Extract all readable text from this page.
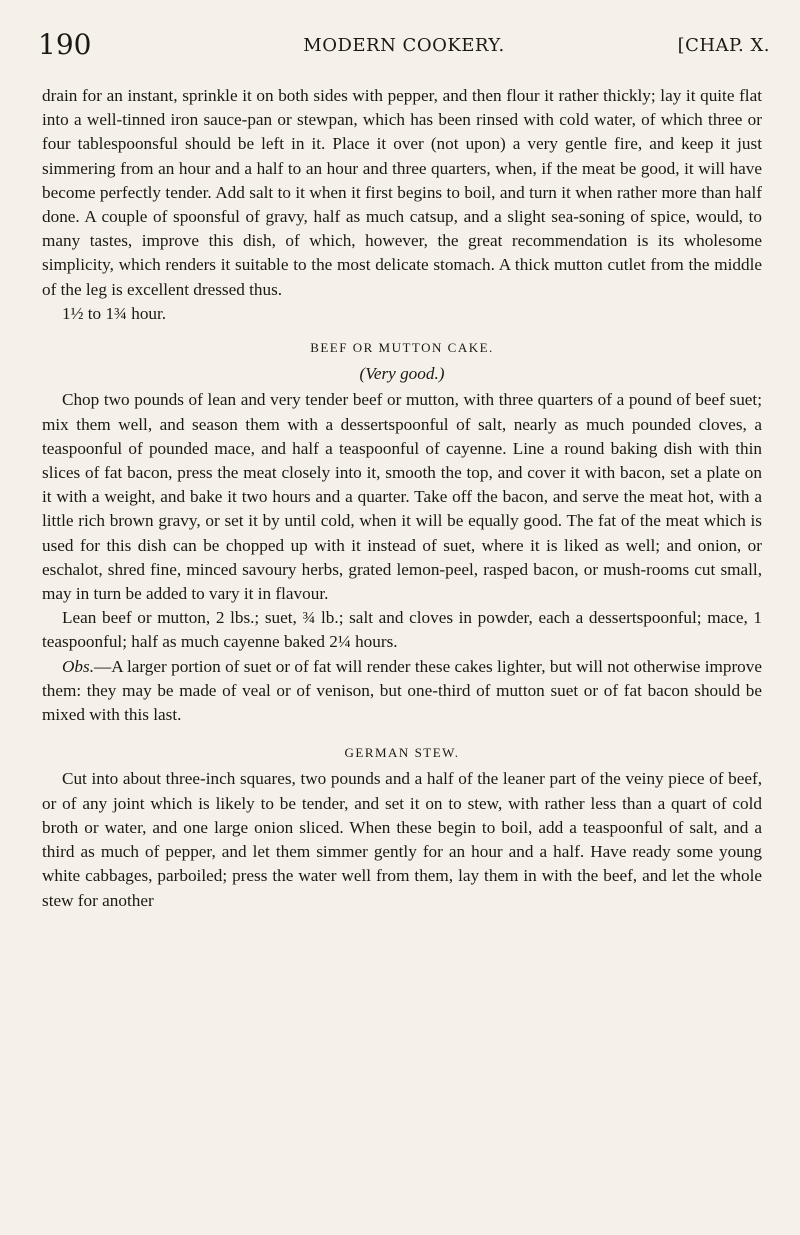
190	MODERN COOKERY.	[CHAP. X.

drain for an instant, sprinkle it on both sides with pepper, and then flour it rather thickly; lay it quite flat into a well-tinned iron sauce-pan or stewpan, which has been rinsed with cold water, of which three or four tablespoonsful should be left in it. Place it over (not upon) a very gentle fire, and keep it just simmering from an hour and a half to an hour and three quarters, when, if the meat be good, it will have become perfectly tender. Add salt to it when it first begins to boil, and turn it when rather more than half done. A couple of spoonsful of gravy, half as much catsup, and a slight sea-soning of spice, would, to many tastes, improve this dish, of which, however, the great recommendation is its wholesome simplicity, which renders it suitable to the most delicate stomach. A thick mutton cutlet from the middle of the leg is excellent dressed thus.

1½ to 1¾ hour.

BEEF OR MUTTON CAKE.
(Very good.)

Chop two pounds of lean and very tender beef or mutton, with three quarters of a pound of beef suet; mix them well, and season them with a dessertspoonful of salt, nearly as much pounded cloves, a teaspoonful of pounded mace, and half a teaspoonful of cayenne. Line a round baking dish with thin slices of fat bacon, press the meat closely into it, smooth the top, and cover it with bacon, set a plate on it with a weight, and bake it two hours and a quarter. Take off the bacon, and serve the meat hot, with a little rich brown gravy, or set it by until cold, when it will be equally good. The fat of the meat which is used for this dish can be chopped up with it instead of suet, where it is liked as well; and onion, or eschalot, shred fine, minced savoury herbs, grated lemon-peel, rasped bacon, or mush-rooms cut small, may in turn be added to vary it in flavour.

Lean beef or mutton, 2 lbs.; suet, ¾ lb.; salt and cloves in powder, each a dessertspoonful; mace, 1 teaspoonful; half as much cayenne baked 2¼ hours.

Obs.—A larger portion of suet or of fat will render these cakes lighter, but will not otherwise improve them: they may be made of veal or of venison, but one-third of mutton suet or of fat bacon should be mixed with this last.

GERMAN STEW.

Cut into about three-inch squares, two pounds and a half of the leaner part of the veiny piece of beef, or of any joint which is likely to be tender, and set it on to stew, with rather less than a quart of cold broth or water, and one large onion sliced. When these begin to boil, add a teaspoonful of salt, and a third as much of pepper, and let them simmer gently for an hour and a half. Have ready some young white cabbages, parboiled; press the water well from them, lay them in with the beef, and let the whole stew for another
